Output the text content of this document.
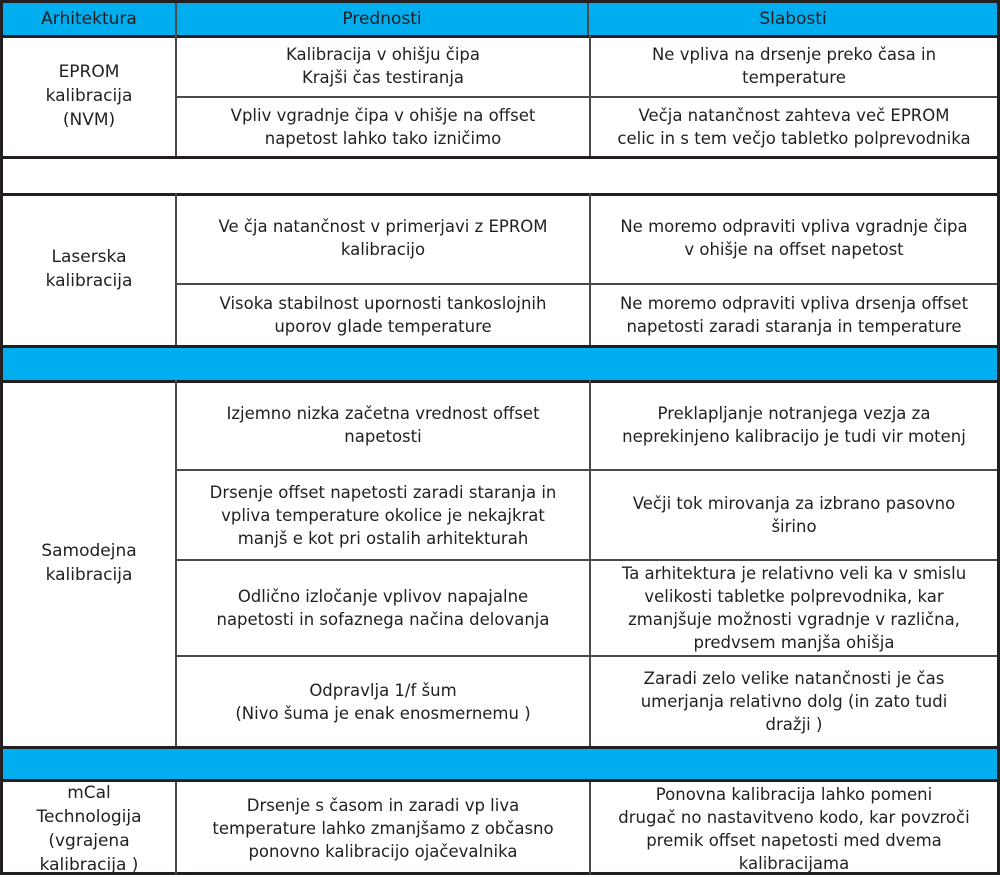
Arhitektura	Prednosti	Slabosti
EPROM
kalibracija
(NVM)
Kalibracija v ohišju čipa
Krajši čas testiranja
Ne vpliva na drsenje preko časa in
temperature
Vpliv vgradnje čipa v ohišje na offset
napetost lahko tako izničimo
Večja natančnost zahteva več EPROM
celic in s tem večjo tabletko polprevodnika
Laserska
kalibracija
Ve čja natančnost v primerjavi z EPROM
kalibracijo
Ne moremo odpraviti vpliva vgradnje čipa
v ohišje na offset napetost
Visoka stabilnost upornosti tankoslojnih
uporov glade temperature
Ne moremo odpraviti vpliva drsenja offset
napetosti zaradi staranja in temperature
Samodejna
kalibracija
Izjemno nizka začetna vrednost offset
napetosti
Preklapljanje notranjega vezja za
neprekinjeno kalibracijo je tudi vir motenj
Drsenje offset napetosti zaradi staranja in
vpliva temperature okolice je nekajkrat
manjš e kot pri ostalih arhitekturah
Večji tok mirovanja za izbrano pasovno
širino
Odlično izločanje vplivov napajalne
napetosti in sofaznega načina delovanja
Ta arhitektura je relativno veli ka v smislu
velikosti tabletke polprevodnika, kar
zmanjšuje možnosti vgradnje v različna,
predvsem manjša ohišja
Odpravlja 1/f šum
(Nivo šuma je enak enosmernemu )
Zaradi zelo velike natančnosti je čas
umerjanja relativno dolg (in zato tudi
dražji )
mCal
Technologija
(vgrajena
kalibracija )
Drsenje s časom in zaradi vp liva
temperature lahko zmanjšamo z občasno
ponovno kalibracijo ojačevalnika
Ponovna kalibracija lahko pomeni
drugač no nastavitveno kodo, kar povzroči
premik offset napetosti med dvema
kalibracijama
